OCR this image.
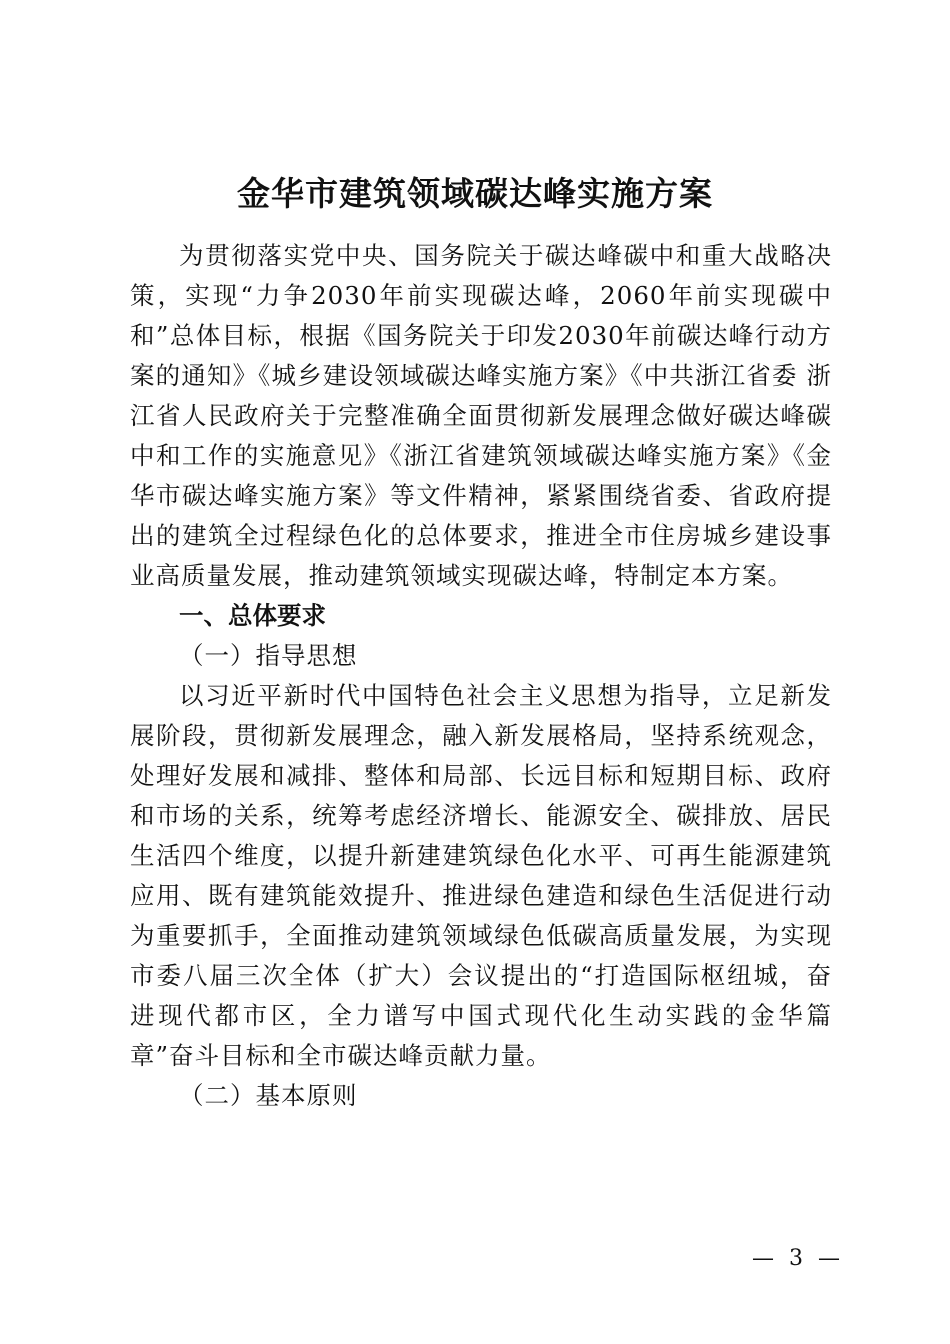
金华市建筑领域碳达峰实施方案

为贯彻落实党中央、国务院关于碳达峰碳中和重大战略决策，实现“力争2030年前实现碳达峰，2060年前实现碳中和”总体目标，根据《国务院关于印发2030年前碳达峰行动方案的通知》《城乡建设领域碳达峰实施方案》《中共浙江省委 浙江省人民政府关于完整准确全面贯彻新发展理念做好碳达峰碳中和工作的实施意见》《浙江省建筑领域碳达峰实施方案》《金华市碳达峰实施方案》等文件精神，紧紧围绕省委、省政府提出的建筑全过程绿色化的总体要求，推进全市住房城乡建设事业高质量发展，推动建筑领域实现碳达峰，特制定本方案。

一、总体要求

（一）指导思想

以习近平新时代中国特色社会主义思想为指导，立足新发展阶段，贯彻新发展理念，融入新发展格局，坚持系统观念，处理好发展和减排、整体和局部、长远目标和短期目标、政府和市场的关系，统筹考虑经济增长、能源安全、碳排放、居民生活四个维度，以提升新建建筑绿色化水平、可再生能源建筑应用、既有建筑能效提升、推进绿色建造和绿色生活促进行动为重要抓手，全面推动建筑领域绿色低碳高质量发展，为实现市委八届三次全体（扩大）会议提出的“打造国际枢纽城，奋进现代都市区，全力谱写中国式现代化生动实践的金华篇章”奋斗目标和全市碳达峰贡献力量。

（二）基本原则

— 3 —
